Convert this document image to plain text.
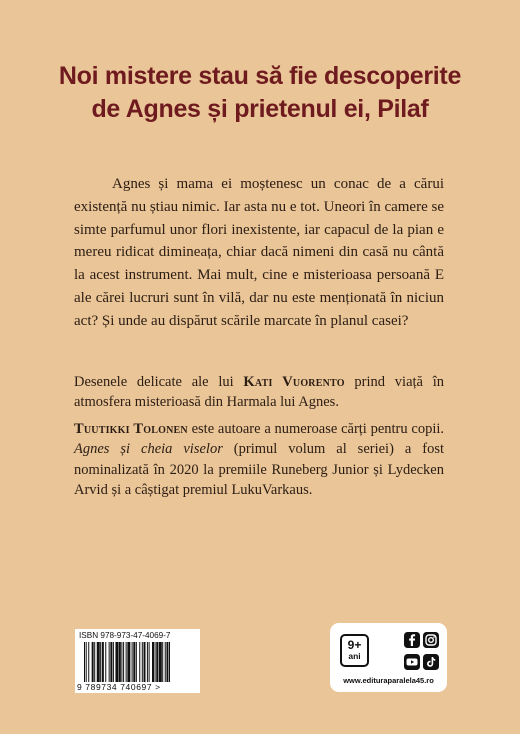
Noi mistere stau să fie descoperite
de Agnes și prietenul ei, Pilaf

Agnes și mama ei moștenesc un conac de a cărui existență nu știau nimic. Iar asta nu e tot. Uneori în camere se simte parfumul unor flori inexistente, iar capacul de la pian e mereu ridicat dimineața, chiar dacă nimeni din casă nu cântă la acest instrument. Mai mult, cine e misterioasa persoană E ale cărei lucruri sunt în vilă, dar nu este menționată în niciun act? Și unde au dispărut scările marcate în planul casei?

Desenele delicate ale lui Kati Vuorento prind viață în atmosfera misterioasă din Harmala lui Agnes.

Tuutikki Tolonen este autoare a numeroase cărți pentru copii. Agnes și cheia viselor (primul volum al seriei) a fost nominalizată în 2020 la premiile Runeberg Junior și Lydecken Arvid și a câștigat premiul LukuVarkaus.

ISBN 978-973-47-4069-7
9 789734 740697 >
9+
ani
www.edituraparalela45.ro
